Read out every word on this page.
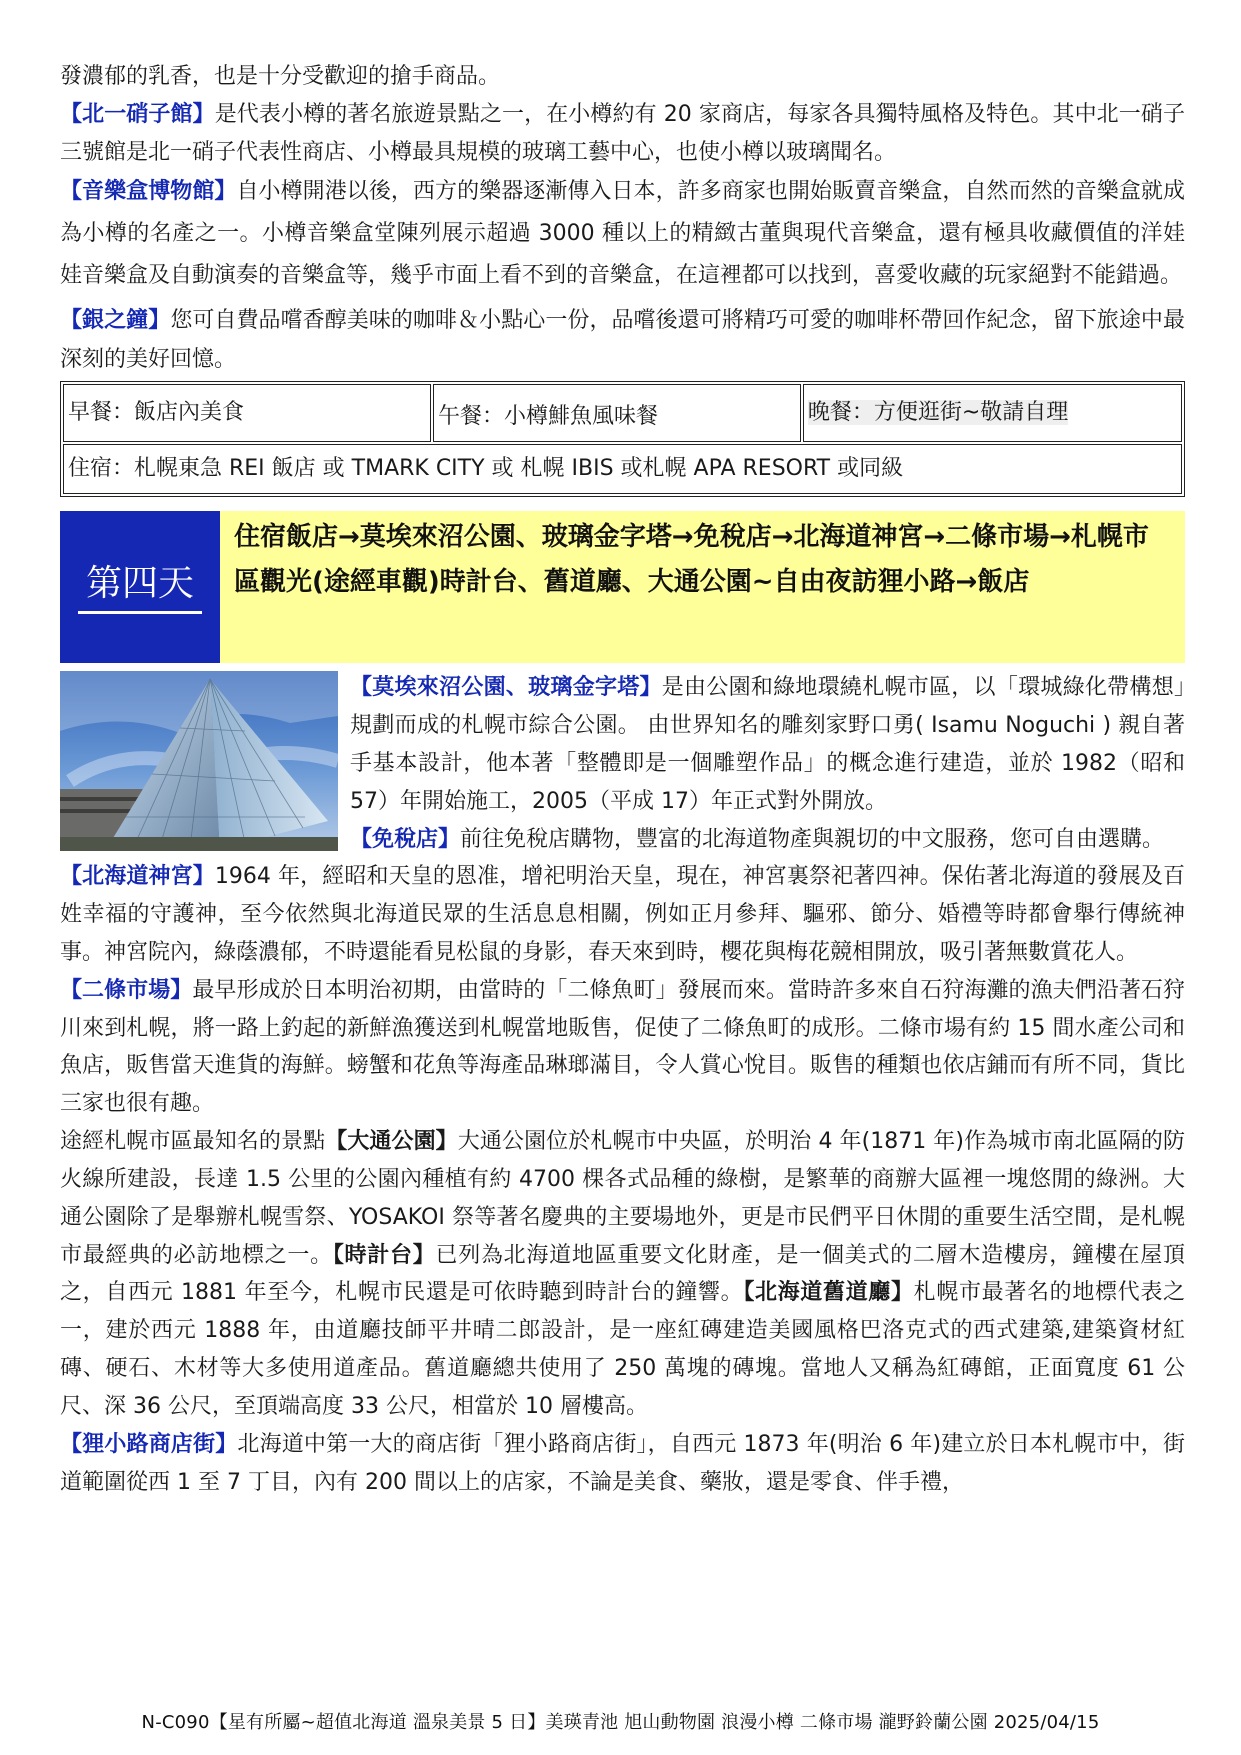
發濃郁的乳香，也是十分受歡迎的搶手商品。

【北一硝子館】是代表小樽的著名旅遊景點之一，在小樽約有 20 家商店，每家各具獨特風格及特色。其中北一硝子三號館是北一硝子代表性商店、小樽最具規模的玻璃工藝中心，也使小樽以玻璃聞名。

【音樂盒博物館】自小樽開港以後，西方的樂器逐漸傳入日本，許多商家也開始販賣音樂盒，自然而然的音樂盒就成為小樽的名產之一。小樽音樂盒堂陳列展示超過 3000 種以上的精緻古董與現代音樂盒，還有極具收藏價值的洋娃娃音樂盒及自動演奏的音樂盒等，幾乎市面上看不到的音樂盒，在這裡都可以找到，喜愛收藏的玩家絕對不能錯過。

【銀之鐘】您可自費品嚐香醇美味的咖啡＆小點心一份，品嚐後還可將精巧可愛的咖啡杯帶回作紀念，留下旅途中最深刻的美好回憶。

早餐：飯店內美食	午餐：小樽鯡魚風味餐	晚餐：方便逛街~敬請自理
住宿：札幌東急 REI 飯店 或 TMARK CITY 或 札幌 IBIS 或札幌 APA RESORT 或同級
第四天
住宿飯店→莫埃來沼公園、玻璃金字塔→免稅店→北海道神宮→二條市場→札幌市區觀光(途經車觀)時計台、舊道廳、大通公園~自由夜訪狸小路→飯店

【莫埃來沼公園、玻璃金字塔】是由公園和綠地環繞札幌市區，以「環城綠化帶構想」規劃而成的札幌市綜合公園。 由世界知名的雕刻家野口勇( Isamu Noguchi ) 親自著手基本設計，他本著「整體即是一個雕塑作品」的概念進行建造，並於 1982（昭和 57）年開始施工，2005（平成 17）年正式對外開放。

【免稅店】前往免稅店購物，豐富的北海道物產與親切的中文服務，您可自由選購。

【北海道神宮】1964 年，經昭和天皇的恩准，增祀明治天皇，現在，神宮裏祭祀著四神。保佑著北海道的發展及百姓幸福的守護神，至今依然與北海道民眾的生活息息相關，例如正月參拜、驅邪、節分、婚禮等時都會舉行傳統神事。神宮院內，綠蔭濃郁，不時還能看見松鼠的身影，春天來到時，櫻花與梅花競相開放，吸引著無數賞花人。

【二條市場】最早形成於日本明治初期，由當時的「二條魚町」發展而來。當時許多來自石狩海灘的漁夫們沿著石狩川來到札幌，將一路上釣起的新鮮漁獲送到札幌當地販售，促使了二條魚町的成形。二條市場有約 15 間水產公司和魚店，販售當天進貨的海鮮。螃蟹和花魚等海產品琳瑯滿目，令人賞心悅目。販售的種類也依店鋪而有所不同，貨比三家也很有趣。

途經札幌市區最知名的景點【大通公園】大通公園位於札幌市中央區，於明治 4 年(1871 年)作為城市南北區隔的防火線所建設，長達 1.5 公里的公園內種植有約 4700 棵各式品種的綠樹，是繁華的商辦大區裡一塊悠閒的綠洲。大通公園除了是舉辦札幌雪祭、YOSAKOI 祭等著名慶典的主要場地外，更是市民們平日休閒的重要生活空間，是札幌市最經典的必訪地標之一。【時計台】已列為北海道地區重要文化財產，是一個美式的二層木造樓房，鐘樓在屋頂之，自西元 1881 年至今，札幌市民還是可依時聽到時計台的鐘響。【北海道舊道廳】札幌市最著名的地標代表之一，建於西元 1888 年，由道廳技師平井晴二郎設計，是一座紅磚建造美國風格巴洛克式的西式建築,建築資材紅磚、硬石、木材等大多使用道產品。舊道廳總共使用了 250 萬塊的磚塊。當地人又稱為紅磚館，正面寬度 61 公尺、深 36 公尺，至頂端高度 33 公尺，相當於 10 層樓高。

【狸小路商店街】北海道中第一大的商店街「狸小路商店街」，自西元 1873 年(明治 6 年)建立於日本札幌市中，街道範圍從西 1 至 7 丁目，內有 200 間以上的店家，不論是美食、藥妝，還是零食、伴手禮，

N-C090【星有所屬~超值北海道 溫泉美景 5 日】美瑛青池 旭山動物園 浪漫小樽 二條市場 瀧野鈴蘭公園 2025/04/15
